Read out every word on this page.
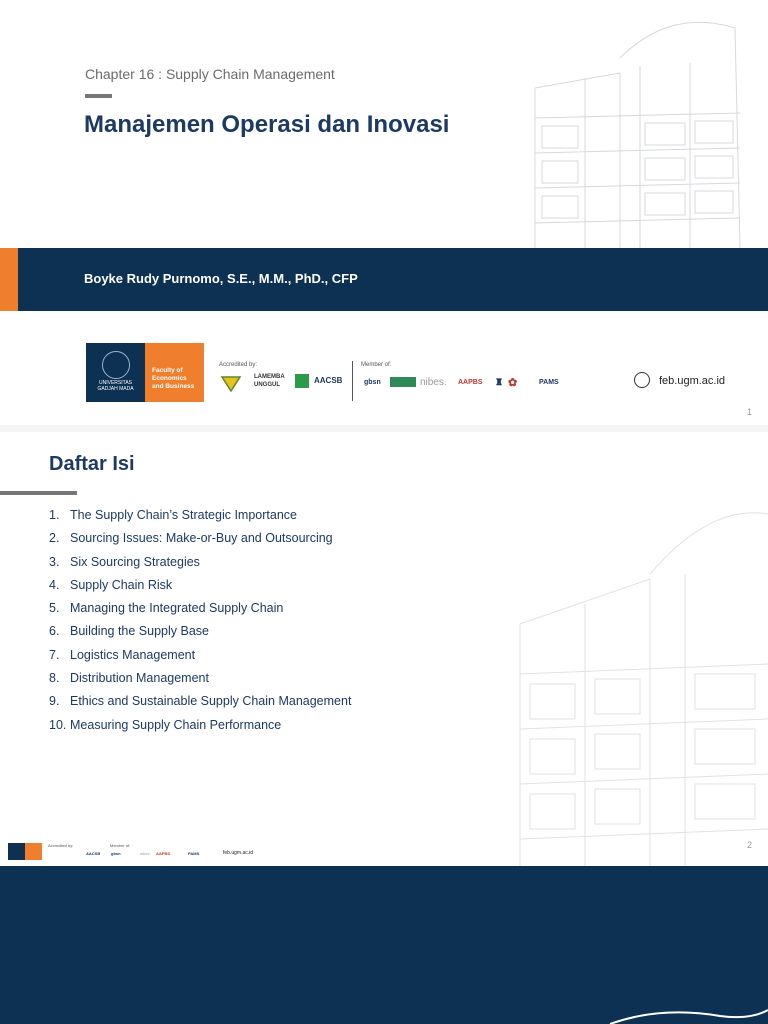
Chapter 16 : Supply Chain Management
Manajemen Operasi dan Inovasi
Boyke Rudy Purnomo, S.E., M.M., PhD., CFP
UNIVERSITAS GADJAH MADA
Faculty of
Economics
and Business
Accredited by:
LAMEMBA UNGGUL	AACSB
Member of:
gbsn	nibes. AAPBS ♜ ✿	PAMS	feb.ugm.ac.id
1
Daftar Isi
1. The Supply Chain’s Strategic Importance
2. Sourcing Issues: Make-or-Buy and Outsourcing
3. Six Sourcing Strategies
4. Supply Chain Risk
5. Managing the Integrated Supply Chain
6. Building the Supply Base
7. Logistics Management
8. Distribution Management
9. Ethics and Sustainable Supply Chain Management
10. Measuring Supply Chain Performance
Accredited by:
AACSB
Member of:
gbsn	nibes. AAPBS	PAMS	feb.ugm.ac.id
2
